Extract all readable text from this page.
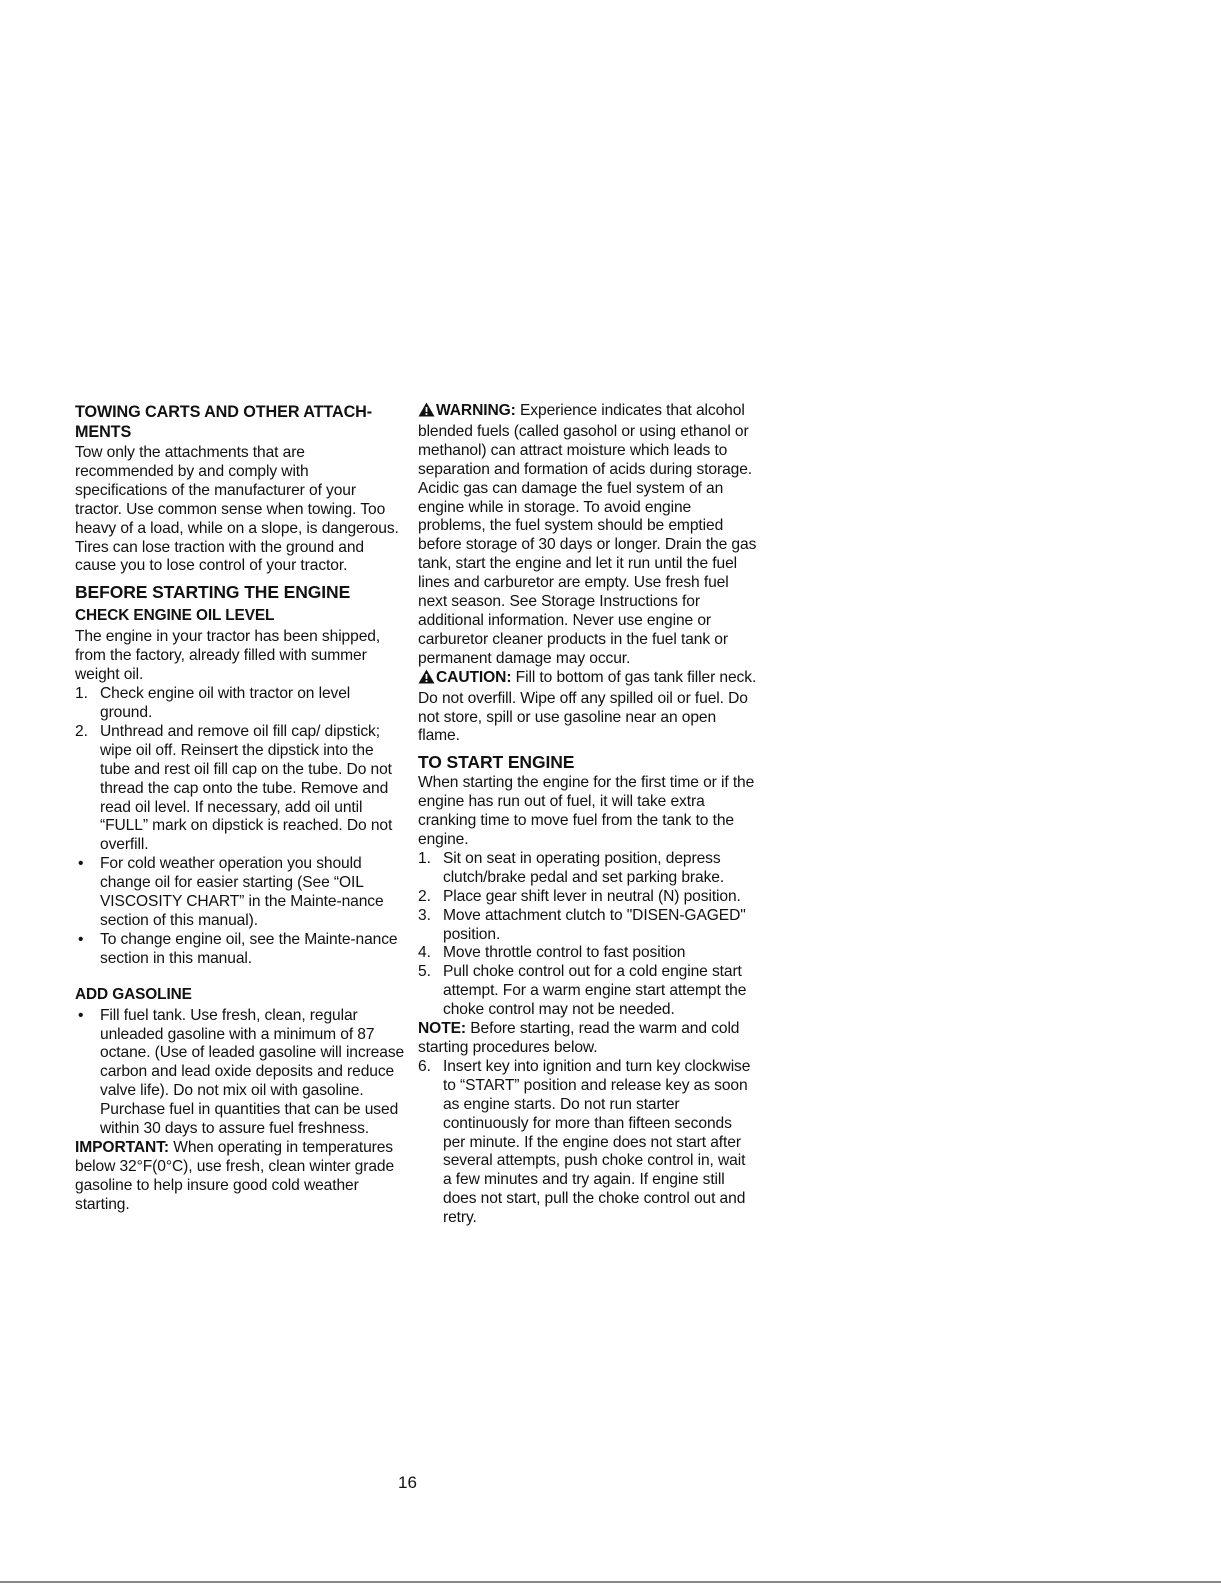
TOWING CARTS AND OTHER ATTACH-MENTS

Tow only the attachments that are recommended by and comply with specifications of the manufacturer of your tractor. Use common sense when towing. Too heavy of a load, while on a slope, is dangerous. Tires can lose traction with the ground and cause you to lose control of your tractor.

BEFORE STARTING THE ENGINE
CHECK ENGINE OIL LEVEL

The engine in your tractor has been shipped, from the factory, already filled with summer weight oil.

1. Check engine oil with tractor on level ground.
2. Unthread and remove oil fill cap/ dipstick; wipe oil off. Reinsert the dipstick into the tube and rest oil fill cap on the tube. Do not thread the cap onto the tube. Remove and read oil level. If necessary, add oil until “FULL” mark on dipstick is reached. Do not overfill.
• For cold weather operation you should change oil for easier starting (See “OIL VISCOSITY CHART” in the Mainte-nance section of this manual).
• To change engine oil, see the Mainte-nance section in this manual.
ADD GASOLINE
• Fill fuel tank. Use fresh, clean, regular unleaded gasoline with a minimum of 87 octane. (Use of leaded gasoline will increase carbon and lead oxide deposits and reduce valve life). Do not mix oil with gasoline. Purchase fuel in quantities that can be used within 30 days to assure fuel freshness.

IMPORTANT: When operating in temperatures below 32°F(0°C), use fresh, clean winter grade gasoline to help insure good cold weather starting.

WARNING: Experience indicates that alcohol blended fuels (called gasohol or using ethanol or methanol) can attract moisture which leads to separation and formation of acids during storage. Acidic gas can damage the fuel system of an engine while in storage. To avoid engine problems, the fuel system should be emptied before storage of 30 days or longer. Drain the gas tank, start the engine and let it run until the fuel lines and carburetor are empty. Use fresh fuel next season. See Storage Instructions for additional information. Never use engine or carburetor cleaner products in the fuel tank or permanent damage may occur.

CAUTION: Fill to bottom of gas tank filler neck. Do not overfill. Wipe off any spilled oil or fuel. Do not store, spill or use gasoline near an open flame.

TO START ENGINE

When starting the engine for the first time or if the engine has run out of fuel, it will take extra cranking time to move fuel from the tank to the engine.

1. Sit on seat in operating position, depress clutch/brake pedal and set parking brake.
2. Place gear shift lever in neutral (N) position.
3. Move attachment clutch to "DISEN-GAGED" position.
4. Move throttle control to fast position
5. Pull choke control out for a cold engine start attempt. For a warm engine start attempt the choke control may not be needed.

NOTE: Before starting, read the warm and cold starting procedures below.

6. Insert key into ignition and turn key clockwise to “START” position and release key as soon as engine starts. Do not run starter continuously for more than fifteen seconds per minute. If the engine does not start after several attempts, push choke control in, wait a few minutes and try again. If engine still does not start, pull the choke control out and retry.
16
